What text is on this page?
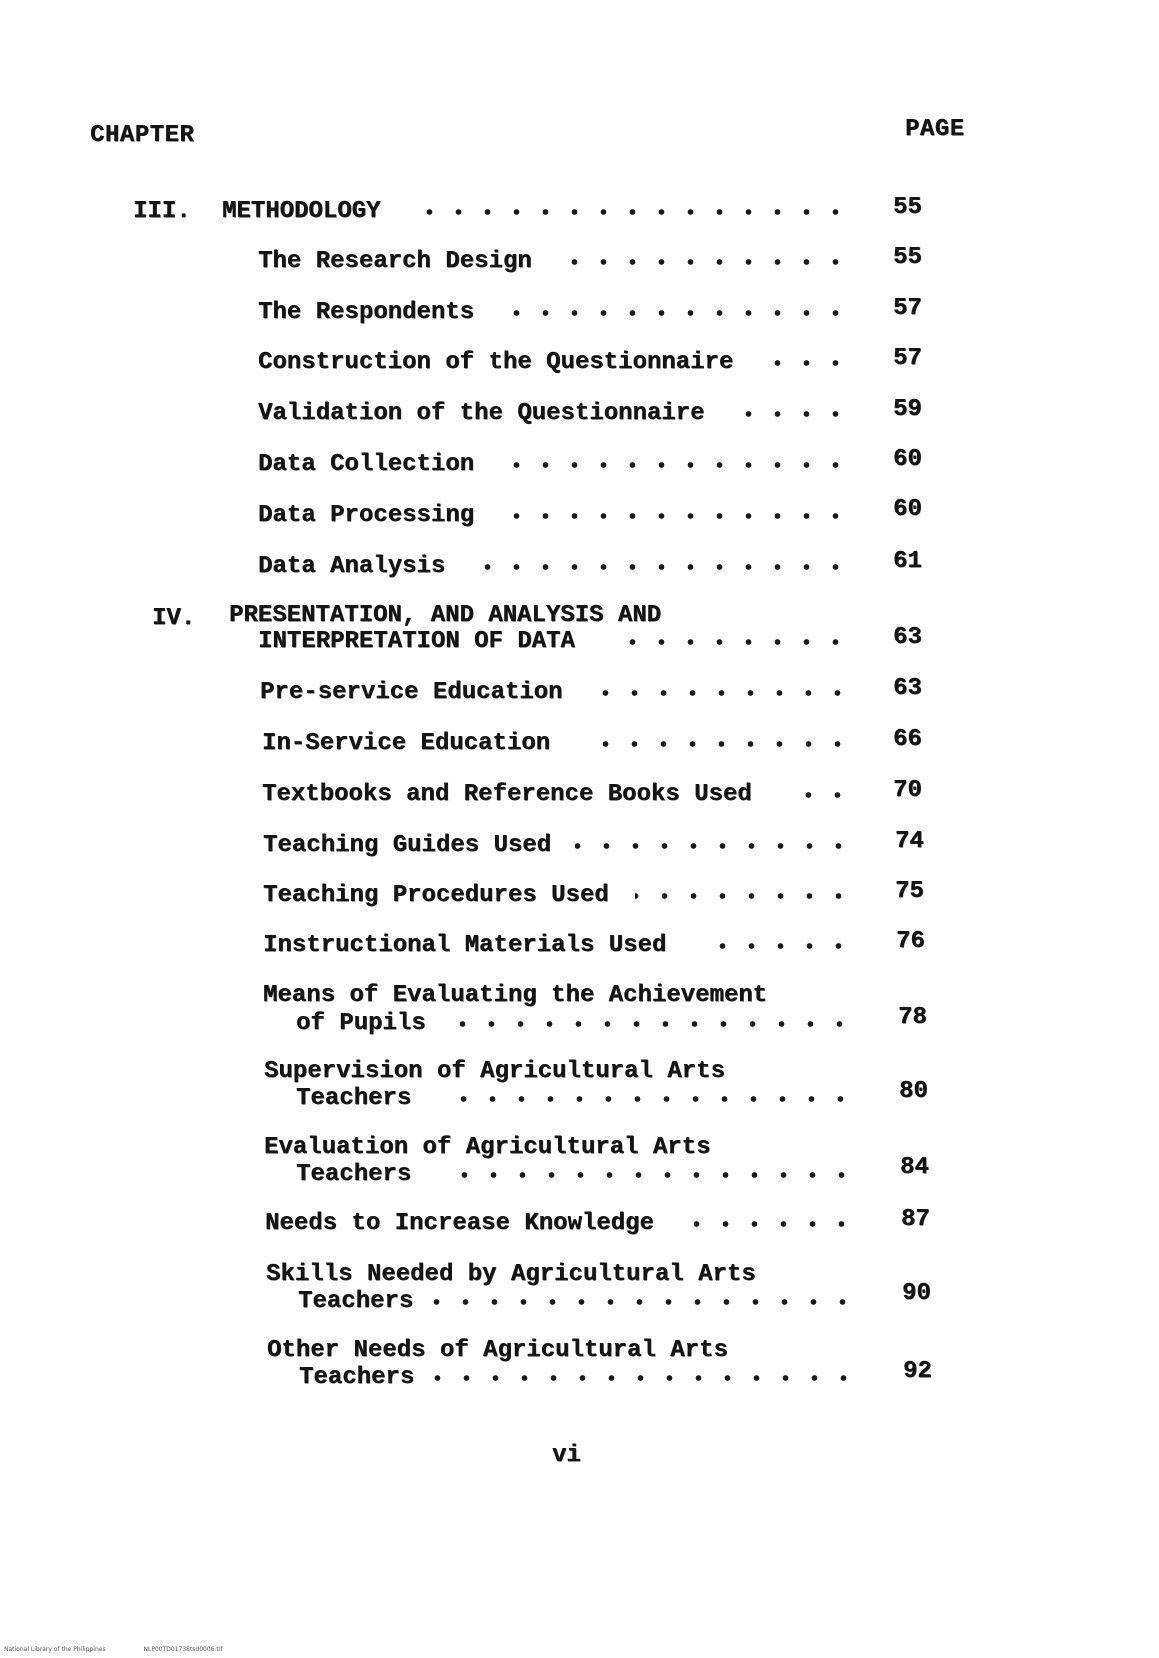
CHAPTER	PAGE
III. METHODOLOGY	55
The Research Design	55
The Respondents	57
Construction of the Questionnaire	57
Validation of the Questionnaire	59
Data Collection	60
Data Processing	60
Data Analysis	61
IV. PRESENTATION, AND ANALYSIS AND
INTERPRETATION OF DATA	63
Pre-service Education	63
In-Service Education	66
Textbooks and Reference Books Used	70
Teaching Guides Used	74
Teaching Procedures Used	75
Instructional Materials Used	76
Means of Evaluating the Achievement
of Pupils	78
Supervision of Agricultural Arts
Teachers	80
Evaluation of Agricultural Arts
Teachers	84
Needs to Increase Knowledge	87
Skills Needed by Agricultural Arts
Teachers	90
Other Needs of Agricultural Arts
Teachers	92
vi
National Library of the Philippines	NLP00TD01738tsd0006.tif
